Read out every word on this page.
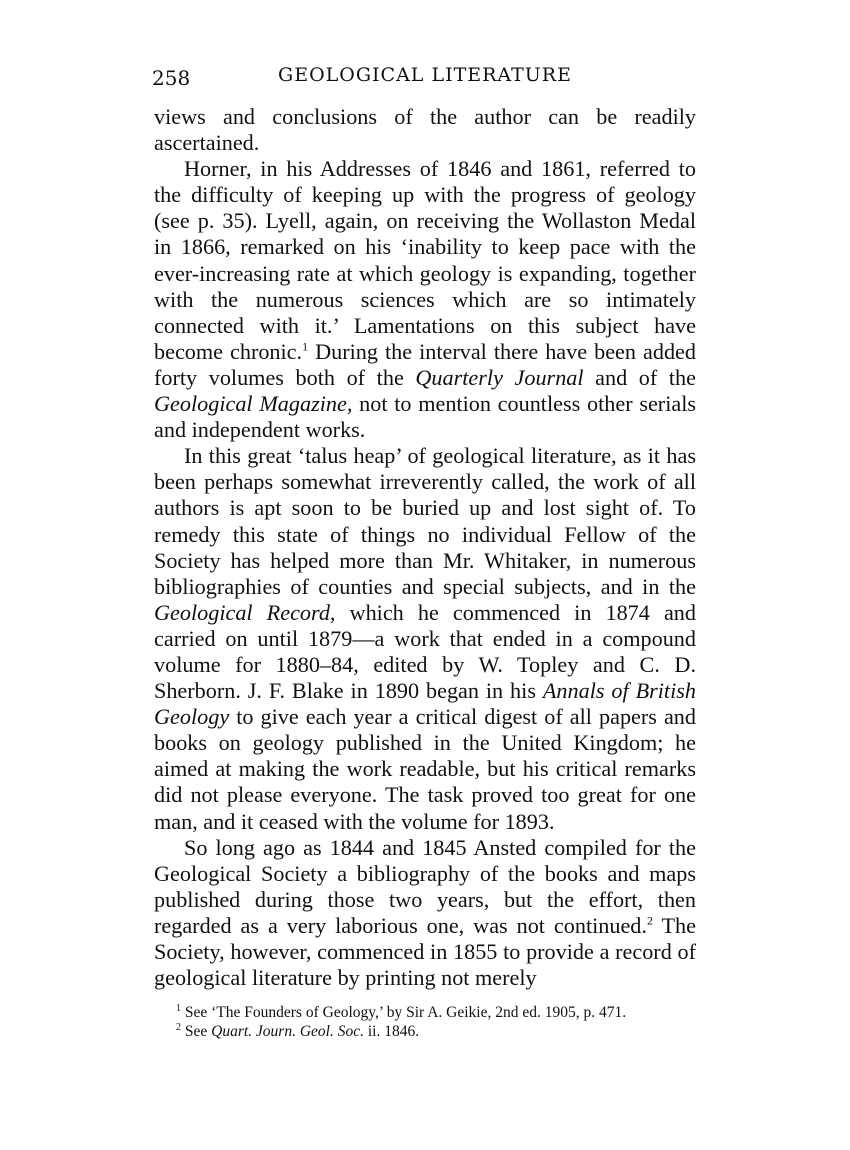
258	GEOLOGICAL LITERATURE

views and conclusions of the author can be readily ascertained.

Horner, in his Addresses of 1846 and 1861, referred to the difficulty of keeping up with the progress of geology (see p. 35). Lyell, again, on receiving the Wollaston Medal in 1866, remarked on his ‘inability to keep pace with the ever-increasing rate at which geology is expanding, together with the numerous sciences which are so intimately connected with it.’ Lamentations on this subject have become chronic.$^1$ During the interval there have been added forty volumes both of the Quarterly Journal and of the Geological Magazine, not to mention countless other serials and independent works.

In this great ‘talus heap’ of geological literature, as it has been perhaps somewhat irreverently called, the work of all authors is apt soon to be buried up and lost sight of. To remedy this state of things no individual Fellow of the Society has helped more than Mr. Whitaker, in numerous bibliographies of counties and special subjects, and in the Geological Record, which he commenced in 1874 and carried on until 1879—a work that ended in a compound volume for 1880–84, edited by W. Topley and C. D. Sherborn. J. F. Blake in 1890 began in his Annals of British Geology to give each year a critical digest of all papers and books on geology published in the United Kingdom; he aimed at making the work readable, but his critical remarks did not please everyone. The task proved too great for one man, and it ceased with the volume for 1893.

So long ago as 1844 and 1845 Ansted compiled for the Geological Society a bibliography of the books and maps published during those two years, but the effort, then regarded as a very laborious one, was not continued.$^2$ The Society, however, commenced in 1855 to provide a record of geological literature by printing not merely

$^1$ See ‘The Founders of Geology,’ by Sir A. Geikie, 2nd ed. 1905, p. 471.

$^2$ See Quart. Journ. Geol. Soc. ii. 1846.
